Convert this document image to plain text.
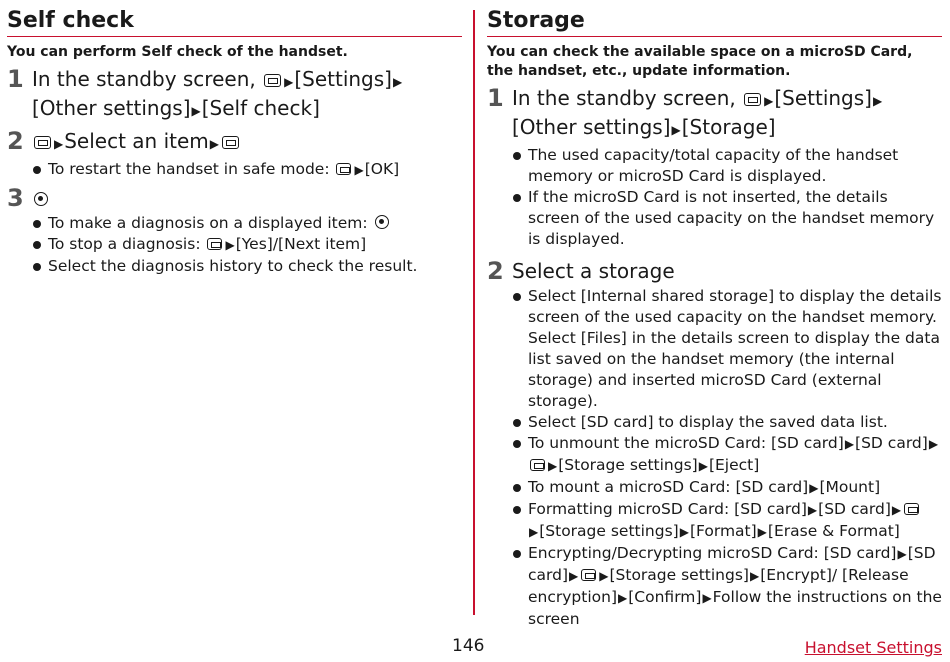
Self check

You can perform Self check of the handset.

1 In the standby screen, ▶[Settings]▶
[Other settings]▶[Self check]
2	▶Select an item▶
To restart the handset in safe mode: ▶[OK]
3
To make a diagnosis on a displayed item:
To stop a diagnosis: ▶[Yes]/[Next item]
Select the diagnosis history to check the result.
Storage

You can check the available space on a microSD Card, the handset, etc., update information.

1 In the standby screen, ▶[Settings]▶
[Other settings]▶[Storage]
The used capacity/total capacity of the handset memory or microSD Card is displayed.
If the microSD Card is not inserted, the details screen of the used capacity on the handset memory is displayed.
2 Select a storage
Select [Internal shared storage] to display the details screen of the used capacity on the handset memory. Select [Files] in the details screen to display the data list saved on the handset memory (the internal storage) and inserted microSD Card (external storage).
Select [SD card] to display the saved data list.
To unmount the microSD Card: [SD card]▶[SD card]▶▶[Storage settings]▶[Eject]
To mount a microSD Card: [SD card]▶[Mount]
Formatting microSD Card: [SD card]▶[SD card]▶▶[Storage settings]▶[Format]▶[Erase & Format]
Encrypting/Decrypting microSD Card: [SD card]▶[SD card]▶ ▶[Storage settings]▶[Encrypt]/ [Release encryption]▶[Confirm]▶Follow the instructions on the screen
146	Handset Settings
